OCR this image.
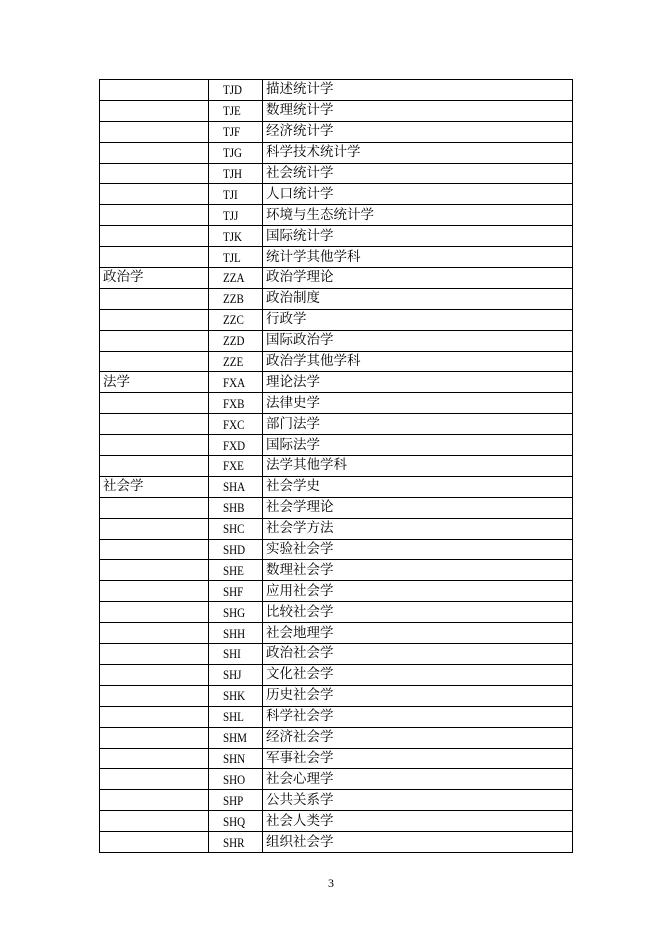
	TJD	描述统计学
	TJE	数理统计学
	TJF	经济统计学
	TJG	科学技术统计学
	TJH	社会统计学
	TJI	人口统计学
	TJJ	环境与生态统计学
	TJK	国际统计学
	TJL	统计学其他学科
政治学	ZZA	政治学理论
	ZZB	政治制度
	ZZC	行政学
	ZZD	国际政治学
	ZZE	政治学其他学科
法学	FXA	理论法学
	FXB	法律史学
	FXC	部门法学
	FXD	国际法学
	FXE	法学其他学科
社会学	SHA	社会学史
	SHB	社会学理论
	SHC	社会学方法
	SHD	实验社会学
	SHE	数理社会学
	SHF	应用社会学
	SHG	比较社会学
	SHH	社会地理学
	SHI	政治社会学
	SHJ	文化社会学
	SHK	历史社会学
	SHL	科学社会学
	SHM	经济社会学
	SHN	军事社会学
	SHO	社会心理学
	SHP	公共关系学
	SHQ	社会人类学
	SHR	组织社会学
3
